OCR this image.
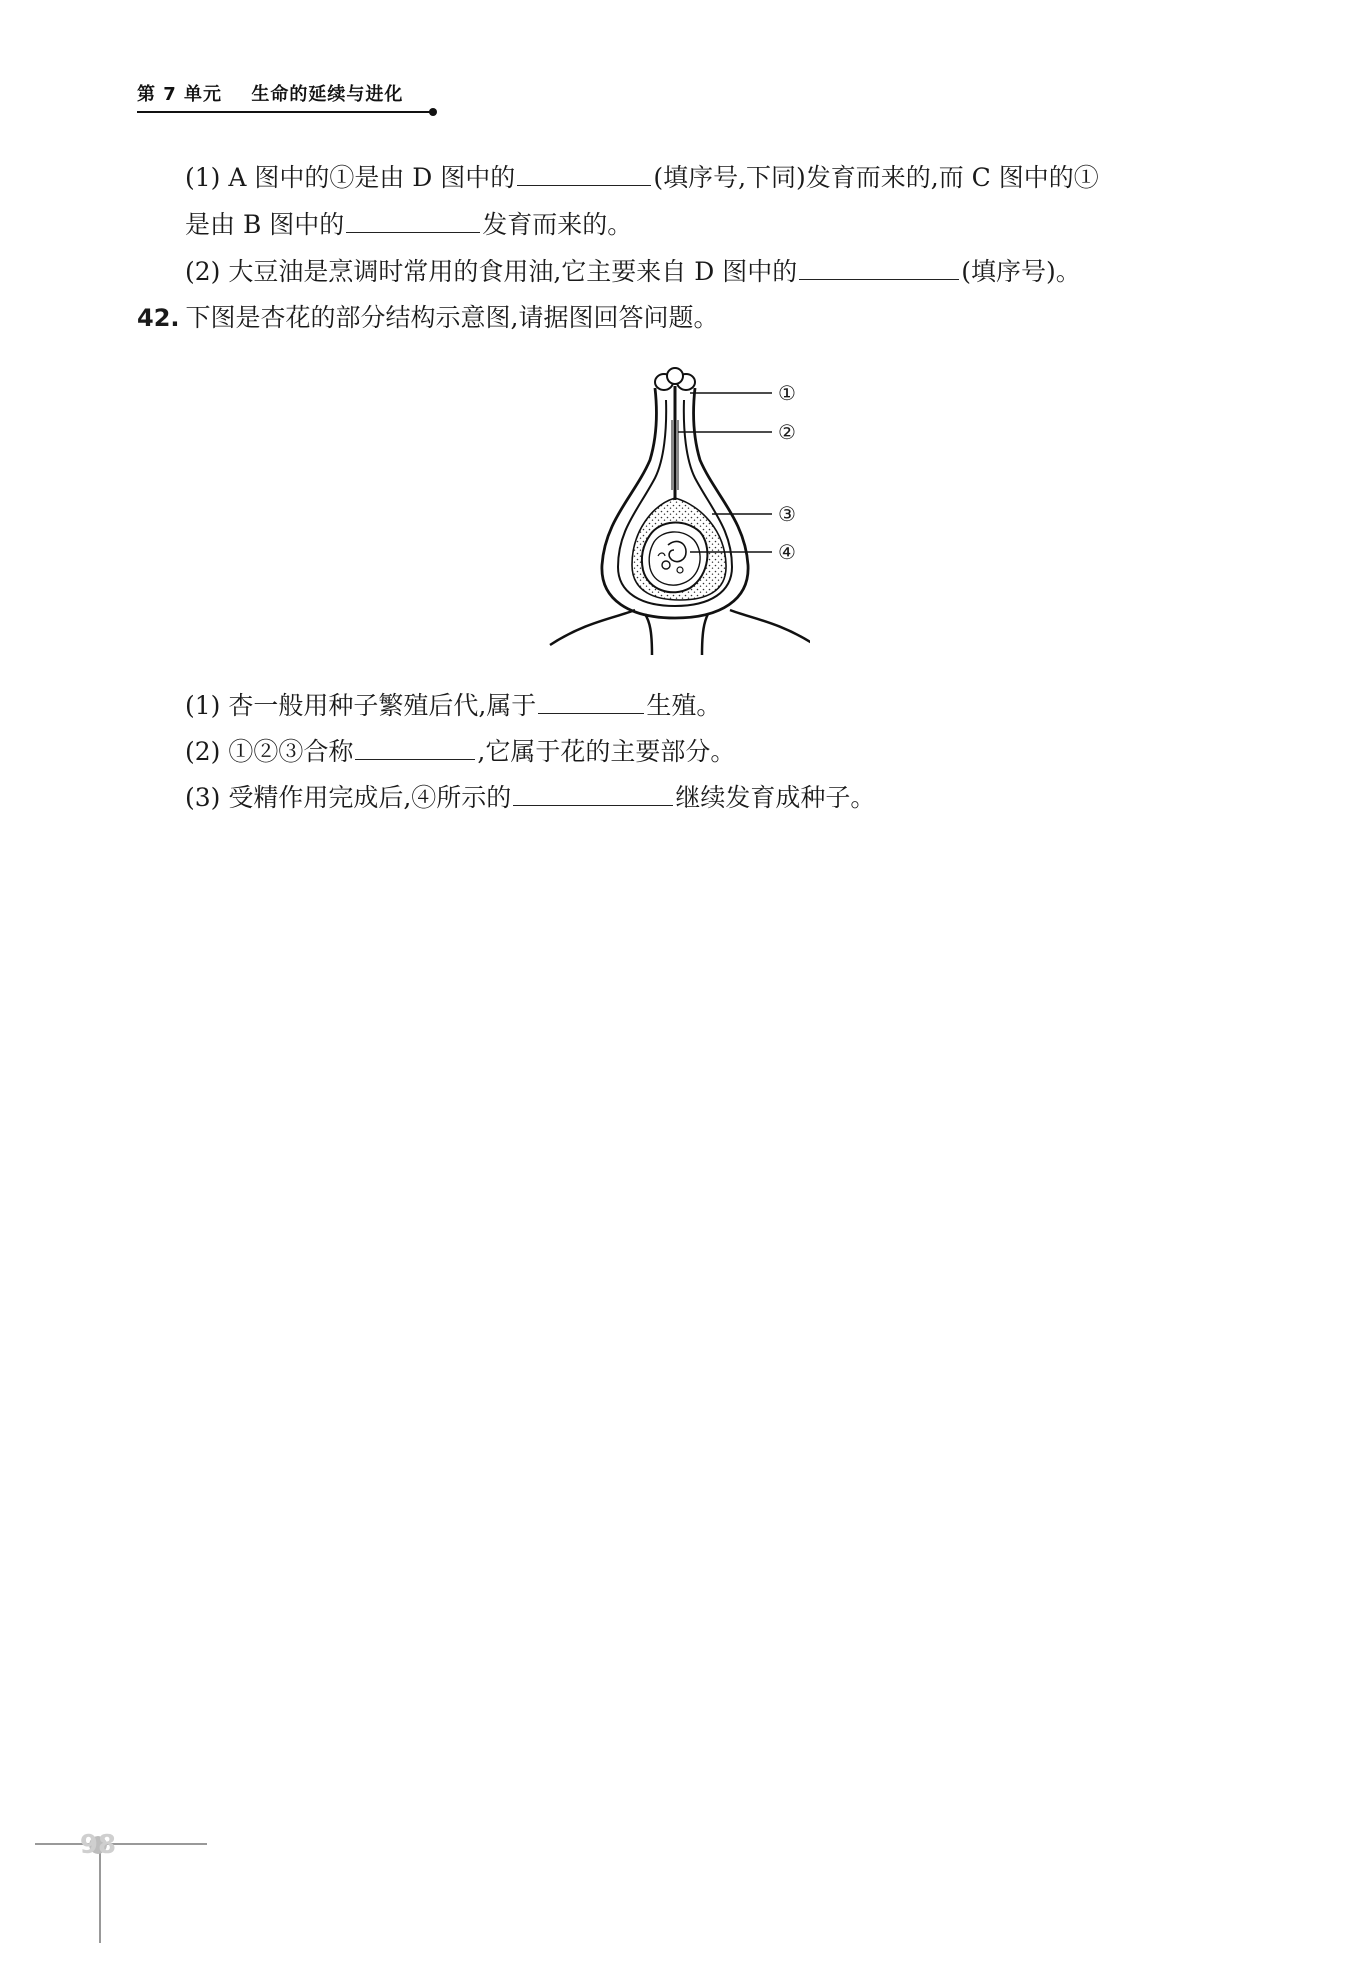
第 7 单元 生命的延续与进化
(1) A 图中的①是由 D 图中的	(填序号,下同)发育而来的,而 C 图中的①
是由 B 图中的	发育而来的。
(2) 大豆油是烹调时常用的食用油,它主要来自 D 图中的	(填序号)。
42. 下图是杏花的部分结构示意图,请据图回答问题。
①
②
③
④
(1) 杏一般用种子繁殖后代,属于	生殖。
(2) ①②③合称	,它属于花的主要部分。
(3) 受精作用完成后,④所示的	继续发育成种子。
98
